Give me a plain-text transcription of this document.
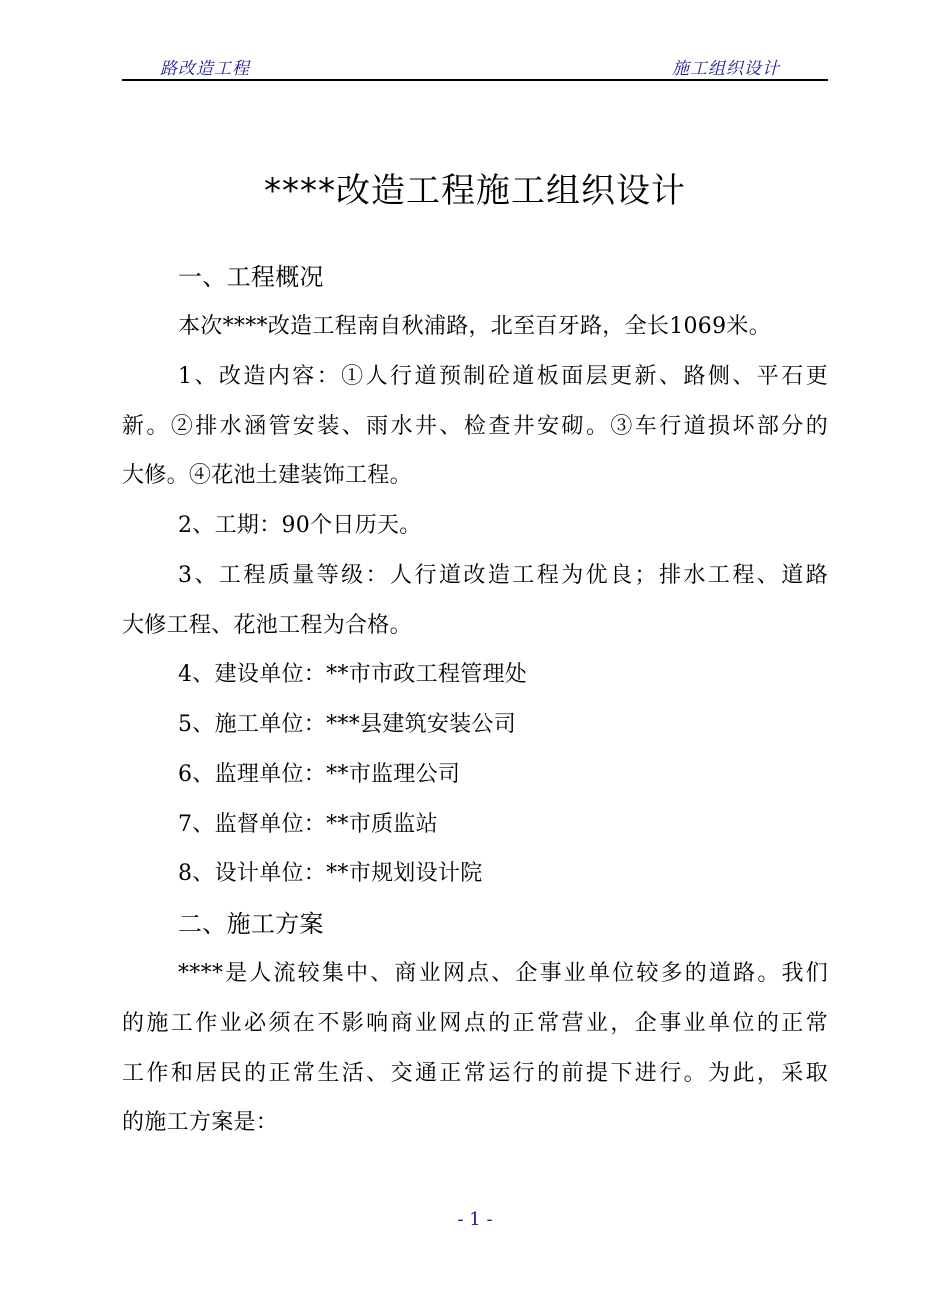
路改造工程	施工组织设计
****改造工程施工组织设计
一、工程概况
本次****改造工程南自秋浦路，北至百牙路，全长1069米。
1、改造内容：①人行道预制砼道板面层更新、路侧、平石更
新。②排水涵管安装、雨水井、检查井安砌。③车行道损坏部分的
大修。④花池土建装饰工程。
2、工期：90个日历天。
3、工程质量等级：人行道改造工程为优良；排水工程、道路
大修工程、花池工程为合格。
4、建设单位：**市市政工程管理处
5、施工单位：***县建筑安装公司
6、监理单位：**市监理公司
7、监督单位：**市质监站
8、设计单位：**市规划设计院
二、施工方案
****是人流较集中、商业网点、企事业单位较多的道路。我们
的施工作业必须在不影响商业网点的正常营业，企事业单位的正常
工作和居民的正常生活、交通正常运行的前提下进行。为此，采取
的施工方案是：
- 1 -
